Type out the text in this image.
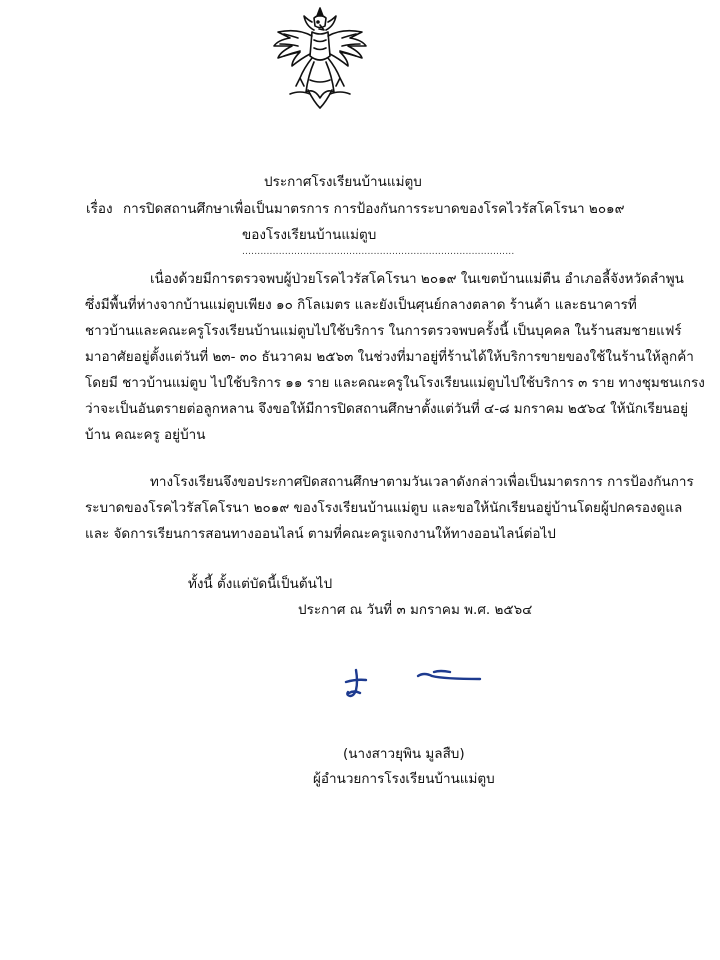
ประกาศโรงเรียนบ้านแม่ตูบ
เรื่อง การปิดสถานศึกษาเพื่อเป็นมาตรการ การป้องกันการระบาดของโรคไวรัสโคโรนา ๒๐๑๙
ของโรงเรียนบ้านแม่ตูบ
.........................................................................................
เนื่องด้วยมีการตรวจพบผู้ป่วยโรคไวรัสโคโรนา ๒๐๑๙ ในเขตบ้านแม่ตืน อำเภอลี้จังหวัดลำพูน
ซึ่งมีพื้นที่ห่างจากบ้านแม่ตูบเพียง ๑๐ กิโลเมตร และยังเป็นศุนย์กลางตลาด ร้านค้า และธนาคารที่
ชาวบ้านและคณะครูโรงเรียนบ้านแม่ตูบไปใช้บริการ ในการตรวจพบครั้งนี้ เป็นบุคคล ในร้านสมชายแฟร์
มาอาศัยอยู่ตั้งแต่วันที่ ๒๓- ๓๐ ธันวาคม ๒๕๖๓ ในช่วงที่มาอยู่ที่ร้านได้ให้บริการขายของใช้ในร้านให้ลูกค้า
โดยมี ชาวบ้านแม่ตูบ ไปใช้บริการ ๑๑ ราย และคณะครูในโรงเรียนแม่ตูบไปใช้บริการ ๓ ราย ทางชุมชนเกรง
ว่าจะเป็นอันตรายต่อลูกหลาน จึงขอให้มีการปิดสถานศึกษาตั้งแต่วันที่ ๔-๘ มกราคม ๒๕๖๔ ให้นักเรียนอยู่
บ้าน คณะครู อยู่บ้าน
ทางโรงเรียนจึงขอประกาศปิดสถานศึกษาตามวันเวลาดังกล่าวเพื่อเป็นมาตรการ การป้องกันการ
ระบาดของโรคไวรัสโคโรนา ๒๐๑๙ ของโรงเรียนบ้านแม่ตูบ และขอให้นักเรียนอยู่บ้านโดยผู้ปกครองดูแล
และ จัดการเรียนการสอนทางออนไลน์ ตามที่คณะครูแจกงานให้ทางออนไลน์ต่อไป
ทั้งนี้ ตั้งแต่บัดนี้เป็นต้นไป
ประกาศ ณ วันที่ ๓ มกราคม พ.ศ. ๒๕๖๔
(นางสาวยุพิน มูลสืบ)
ผู้อำนวยการโรงเรียนบ้านแม่ตูบ
